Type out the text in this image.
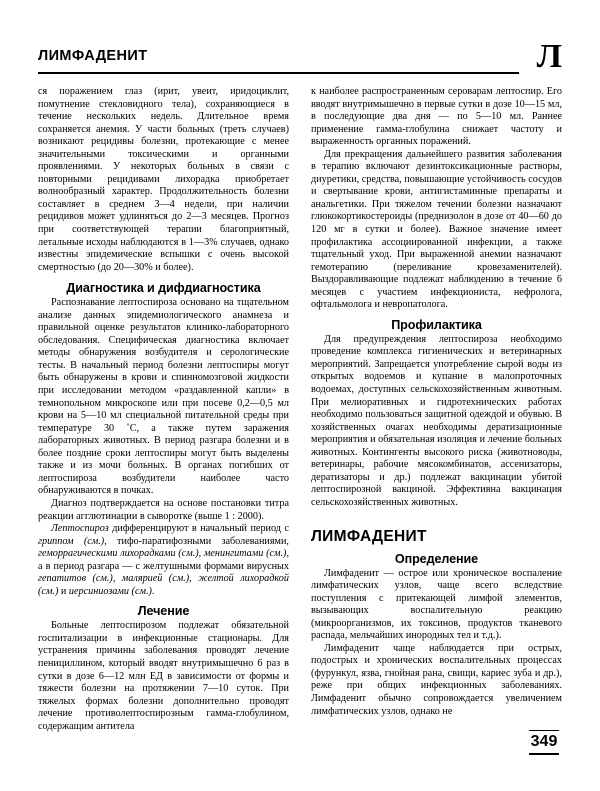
ЛИМФАДЕНИТ	Л

ся поражением глаз (ирит, увеит, иридоциклит, помутнение стекловидного тела), сохраняющиеся в течение нескольких недель. Длительное время сохраняется анемия. У части больных (треть случаев) возникают рецидивы болезни, протекающие с менее значительными токсическими и органными проявлениями. У некоторых больных в связи с повторными рецидивами лихорадка приобретает волнообразный характер. Продолжительность болезни составляет в среднем 3—4 недели, при наличии рецидивов может удлиняться до 2—3 месяцев. Прогноз при соответствующей терапии благоприятный, летальные исходы наблюдаются в 1—3% случаев, однако известны эпидемические вспышки с очень высокой смертностью (до 20—30% и более).

Диагностика и дифдиагностика

Распознавание лептоспироза основано на тщательном анализе данных эпидемиологического анамнеза и правильной оценке результатов клинико-лабораторного обследования. Специфическая диагностика включает методы обнаружения возбудителя и серологические тесты. В начальный период болезни лептоспиры могут быть обнаружены в крови и спинномозговой жидкости при исследовании методом «раздавленной капли» в темнопольном микроскопе или при посеве 0,2—0,5 мл крови на 5—10 мл специальной питательной среды при температуре 30 ˚С, а также путем заражения лабораторных животных. В период разгара болезни и в более поздние сроки лептоспиры могут быть выделены также и из мочи больных. В органах погибших от лептоспироза возбудители наиболее часто обнаруживаются в почках.

Диагноз подтверждается на основе постановки титра реакции агглютинации в сыворотке (выше 1 : 2000).

Лептоспироз дифференцируют в начальный период с гриппом (см.), тифо-паратифозными заболеваниями, геморрагическими лихорадками (см.), менингитами (см.), а в период разгара — с желтушными формами вирусных гепатитов (см.), малярией (см.), желтой лихорадкой (см.) и иерсиниозами (см.).

Лечение

Больные лептоспирозом подлежат обязательной госпитализации в инфекционные стационары. Для устранения причины заболевания проводят лечение пенициллином, который вводят внутримышечно 6 раз в сутки в дозе 6—12 млн ЕД в зависимости от формы и тяжести болезни на протяжении 7—10 суток. При тяжелых формах болезни дополнительно проводят лечение противолептоспирозным гамма-глобулином, содержащим антитела

к наиболее распространенным сероварам лептоспир. Его вводят внутримышечно в первые сутки в дозе 10—15 мл, в последующие два дня — по 5—10 мл. Раннее применение гамма-глобулина снижает частоту и выраженность органных поражений.

Для прекращения дальнейшего развития заболевания в терапию включают дезинтоксикационные растворы, диуретики, средства, повышающие устойчивость сосудов и свертывание крови, антигистаминные препараты и анальгетики. При тяжелом течении болезни назначают глюкокортикостероиды (преднизолон в дозе от 40—60 до 120 мг в сутки и более). Важное значение имеет профилактика ассоциированной инфекции, а также тщательный уход. При выраженной анемии назначают гемотерапию (переливание кровезаменителей). Выздоравливающие подлежат наблюдению в течение 6 месяцев с участием инфекциониста, нефролога, офтальмолога и невропатолога.

Профилактика

Для предупреждения лептоспироза необходимо проведение комплекса гигиенических и ветеринарных мероприятий. Запрещается употребление сырой воды из открытых водоемов и купание в малопроточных водоемах, доступных сельскохозяйственным животным. При мелиоративных и гидротехнических работах необходимо пользоваться защитной одеждой и обувью. В хозяйственных очагах необходимы дератизационные мероприятия и обязательная изоляция и лечение больных животных. Контингенты высокого риска (животноводы, ветеринары, рабочие мясокомбинатов, ассенизаторы, дератизаторы и др.) подлежат вакцинации убитой лептоспирозной вакциной. Эффективна вакцинация сельскохозяйственных животных.

ЛИМФАДЕНИТ
Определение

Лимфаденит — острое или хроническое воспаление лимфатических узлов, чаще всего вследствие поступления с притекающей лимфой элементов, вызывающих воспалительную реакцию (микроорганизмов, их токсинов, продуктов тканевого распада, мельчайших инородных тел и т.д.).

Лимфаденит чаще наблюдается при острых, подострых и хронических воспалительных процессах (фурункул, язва, гнойная рана, свищи, кариес зуба и др.), реже при общих инфекционных заболеваниях. Лимфаденит обычно сопровождается увеличением лимфатических узлов, однако не

349
